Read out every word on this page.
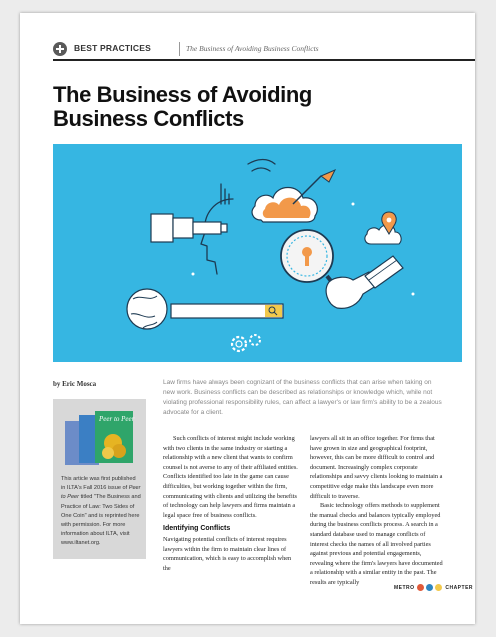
BEST PRACTICES	The Business of Avoiding Business Conflicts
The Business of Avoiding
Business Conflicts
by Eric Mosca	Law firms have always been cognizant of the business conflicts that can arise when taking on new work. Business conflicts can be described as relationships or knowledge which, while not violating professional responsibility rules, can affect a lawyer's or law firm's ability to be a zealous advocate for a client.
Peer to Peer
This article was first published in ILTA's Fall 2016 issue of Peer to Peer titled "The Business and Practice of Law: Two Sides of One Coin" and is reprinted here with permission. For more information about ILTA, visit www.iltanet.org.

Such conflicts of interest might include working with two clients in the same industry or starting a relationship with a new client that wants to confirm counsel is not averse to any of their affiliated entities. Conflicts identified too late in the game can cause difficulties, but working together within the firm, communicating with clients and utilizing the benefits of technology can help lawyers and firms maintain a legal space free of business conflicts.

Identifying Conflicts

Navigating potential conflicts of interest requires lawyers within the firm to maintain clear lines of communication, which is easy to accomplish when the

lawyers all sit in an office together. For firms that have grown in size and geographical footprint, however, this can be more difficult to control and document. Increasingly complex corporate relationships and savvy clients looking to maintain a competitive edge make this landscape even more difficult to traverse.

Basic technology offers methods to supplement the manual checks and balances typically employed during the business conflicts process. A search in a standard database used to manage conflicts of interest checks the names of all involved parties against previous and potential engagements, revealing where the firm's lawyers have documented a relationship with a similar entity in the past. The results are typically

METRO	CHAPTER
